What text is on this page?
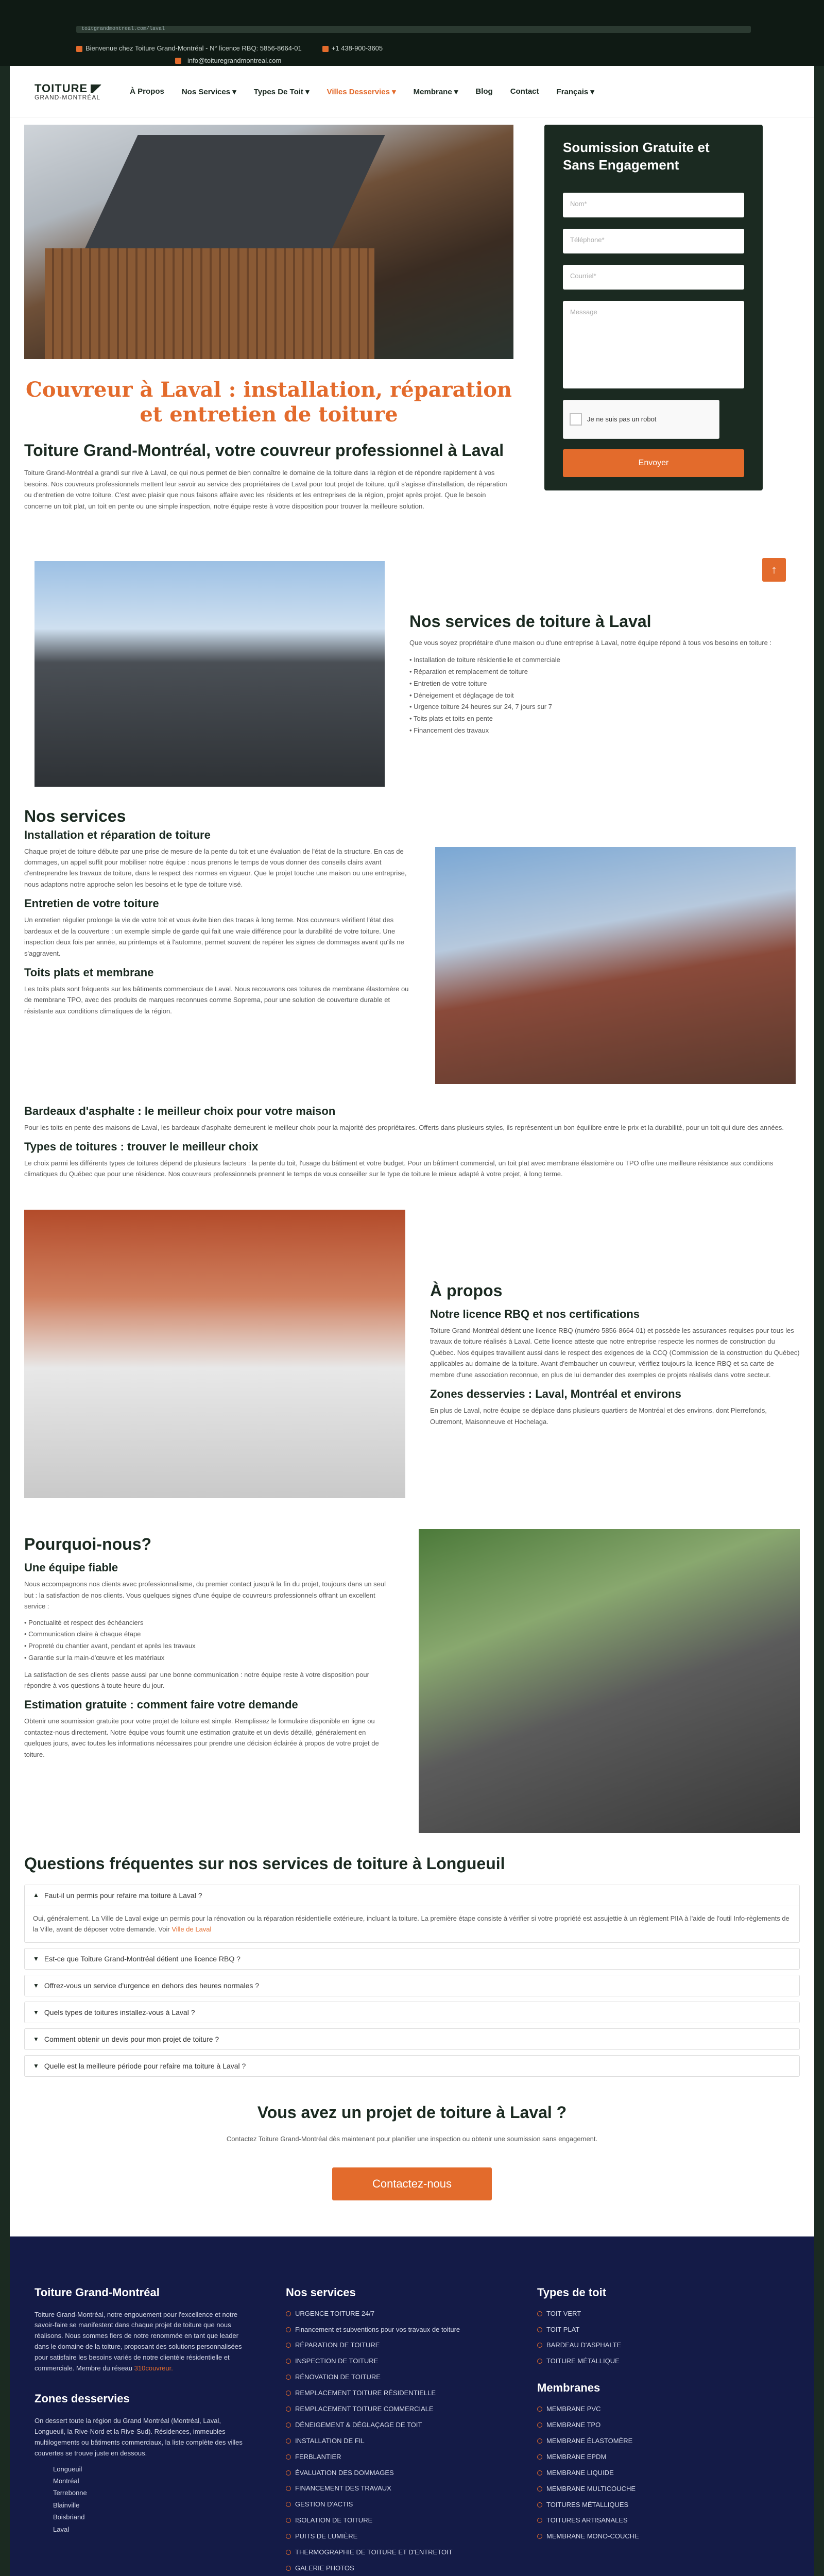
toitgrandmontreal.com/laval
Bienvenue chez Toiture Grand-Montréal - N° licence RBQ: 5856-8664-01	+1 438-900-3605
info@toituregrandmontreal.com
TOITURE
GRAND-MONTRÉAL
À Propos Nos Services ▾ Types De Toit ▾ Villes Desservies ▾ Membrane ▾ Blog Contact Français ▾
Couvreur à Laval : installation, réparation et entretien de toiture
Toiture Grand-Montréal, votre couvreur professionnel à Laval

Toiture Grand-Montréal a grandi sur rive à Laval, ce qui nous permet de bien connaître le domaine de la toiture dans la région et de répondre rapidement à vos besoins. Nos couvreurs professionnels mettent leur savoir au service des propriétaires de Laval pour tout projet de toiture, qu'il s'agisse d'installation, de réparation ou d'entretien de votre toiture. C'est avec plaisir que nous faisons affaire avec les résidents et les entreprises de la région, projet après projet. Que le besoin concerne un toit plat, un toit en pente ou une simple inspection, notre équipe reste à votre disposition pour trouver la meilleure solution.

Soumission Gratuite et Sans Engagement
Nom*
Téléphone*
Courriel*
Message
Je ne suis pas un robot
Envoyer
↑
Nos services de toiture à Laval

Que vous soyez propriétaire d'une maison ou d'une entreprise à Laval, notre équipe répond à tous vos besoins en toiture :

• Installation de toiture résidentielle et commerciale
• Réparation et remplacement de toiture
• Entretien de votre toiture
• Déneigement et déglaçage de toit
• Urgence toiture 24 heures sur 24, 7 jours sur 7
• Toits plats et toits en pente
• Financement des travaux
Nos services
Installation et réparation de toiture

Chaque projet de toiture débute par une prise de mesure de la pente du toit et une évaluation de l'état de la structure. En cas de dommages, un appel suffit pour mobiliser notre équipe : nous prenons le temps de vous donner des conseils clairs avant d'entreprendre les travaux de toiture, dans le respect des normes en vigueur. Que le projet touche une maison ou une entreprise, nous adaptons notre approche selon les besoins et le type de toiture visé.

Entretien de votre toiture

Un entretien régulier prolonge la vie de votre toit et vous évite bien des tracas à long terme. Nos couvreurs vérifient l'état des bardeaux et de la couverture : un exemple simple de garde qui fait une vraie différence pour la durabilité de votre toiture. Une inspection deux fois par année, au printemps et à l'automne, permet souvent de repérer les signes de dommages avant qu'ils ne s'aggravent.

Toits plats et membrane

Les toits plats sont fréquents sur les bâtiments commerciaux de Laval. Nous recouvrons ces toitures de membrane élastomère ou de membrane TPO, avec des produits de marques reconnues comme Soprema, pour une solution de couverture durable et résistante aux conditions climatiques de la région.

Bardeaux d'asphalte : le meilleur choix pour votre maison

Pour les toits en pente des maisons de Laval, les bardeaux d'asphalte demeurent le meilleur choix pour la majorité des propriétaires. Offerts dans plusieurs styles, ils représentent un bon équilibre entre le prix et la durabilité, pour un toit qui dure des années.

Types de toitures : trouver le meilleur choix

Le choix parmi les différents types de toitures dépend de plusieurs facteurs : la pente du toit, l'usage du bâtiment et votre budget. Pour un bâtiment commercial, un toit plat avec membrane élastomère ou TPO offre une meilleure résistance aux conditions climatiques du Québec que pour une résidence. Nos couvreurs professionnels prennent le temps de vous conseiller sur le type de toiture le mieux adapté à votre projet, à long terme.

À propos
Notre licence RBQ et nos certifications

Toiture Grand-Montréal détient une licence RBQ (numéro 5856-8664-01) et possède les assurances requises pour tous les travaux de toiture réalisés à Laval. Cette licence atteste que notre entreprise respecte les normes de construction du Québec. Nos équipes travaillent aussi dans le respect des exigences de la CCQ (Commission de la construction du Québec) applicables au domaine de la toiture. Avant d'embaucher un couvreur, vérifiez toujours la licence RBQ et sa carte de membre d'une association reconnue, en plus de lui demander des exemples de projets réalisés dans votre secteur.

Zones desservies : Laval, Montréal et environs

En plus de Laval, notre équipe se déplace dans plusieurs quartiers de Montréal et des environs, dont Pierrefonds, Outremont, Maisonneuve et Hochelaga.

Pourquoi-nous?
Une équipe fiable

Nous accompagnons nos clients avec professionnalisme, du premier contact jusqu'à la fin du projet, toujours dans un seul but : la satisfaction de nos clients. Vous quelques signes d'une équipe de couvreurs professionnels offrant un excellent service :

• Ponctualité et respect des échéanciers
• Communication claire à chaque étape
• Propreté du chantier avant, pendant et après les travaux
• Garantie sur la main-d'œuvre et les matériaux

La satisfaction de ses clients passe aussi par une bonne communication : notre équipe reste à votre disposition pour répondre à vos questions à toute heure du jour.

Estimation gratuite : comment faire votre demande

Obtenir une soumission gratuite pour votre projet de toiture est simple. Remplissez le formulaire disponible en ligne ou contactez-nous directement. Notre équipe vous fournit une estimation gratuite et un devis détaillé, généralement en quelques jours, avec toutes les informations nécessaires pour prendre une décision éclairée à propos de votre projet de toiture.

Questions fréquentes sur nos services de toiture à Longueuil
▲ Faut-il un permis pour refaire ma toiture à Laval ?
Oui, généralement. La Ville de Laval exige un permis pour la rénovation ou la réparation résidentielle extérieure, incluant la toiture. La première étape consiste à vérifier si votre propriété est assujettie à un règlement PIIA à l'aide de l'outil Info-règlements de la Ville, avant de déposer votre demande. Voir Ville de Laval
▼ Est-ce que Toiture Grand-Montréal détient une licence RBQ ?
▼ Offrez-vous un service d'urgence en dehors des heures normales ?
▼ Quels types de toitures installez-vous à Laval ?
▼ Comment obtenir un devis pour mon projet de toiture ?
▼ Quelle est la meilleure période pour refaire ma toiture à Laval ?
Vous avez un projet de toiture à Laval ?

Contactez Toiture Grand-Montréal dès maintenant pour planifier une inspection ou obtenir une soumission sans engagement.

Contactez-nous
Toiture Grand-Montréal

Toiture Grand-Montréal, notre engouement pour l'excellence et notre savoir-faire se manifestent dans chaque projet de toiture que nous réalisons. Nous sommes fiers de notre renommée en tant que leader dans le domaine de la toiture, proposant des solutions personnalisées pour satisfaire les besoins variés de notre clientèle résidentielle et commerciale. Membre du réseau 310couvreur.

Zones desservies

On dessert toute la région du Grand Montréal (Montréal, Laval, Longueuil, la Rive-Nord et la Rive-Sud). Résidences, immeubles multilogements ou bâtiments commerciaux, la liste complète des villes couvertes se trouve juste en dessous.

Longueuil
Montréal
Terrebonne
Blainville
Boisbriand
Laval
Nos services
URGENCE TOITURE 24/7
Financement et subventions pour vos travaux de toiture
RÉPARATION DE TOITURE
INSPECTION DE TOITURE
RÉNOVATION DE TOITURE
REMPLACEMENT TOITURE RÉSIDENTIELLE
REMPLACEMENT TOITURE COMMERCIALE
DÉNEIGEMENT & DÉGLAÇAGE DE TOIT
INSTALLATION DE FIL
FERBLANTIER
ÉVALUATION DES DOMMAGES
FINANCEMENT DES TRAVAUX
GESTION D'ACTIS
ISOLATION DE TOITURE
PUITS DE LUMIÈRE
THERMOGRAPHIE DE TOITURE ET D'ENTRETOIT
GALERIE PHOTOS
Types de toit
TOIT VERT
TOIT PLAT
BARDEAU D'ASPHALTE
TOITURE MÉTALLIQUE
Membranes
MEMBRANE PVC
MEMBRANE TPO
MEMBRANE ÉLASTOMÈRE
MEMBRANE EPDM
MEMBRANE LIQUIDE
MEMBRANE MULTICOUCHE
TOITURES MÉTALLIQUES
TOITURES ARTISANALES
MEMBRANE MONO-COUCHE
